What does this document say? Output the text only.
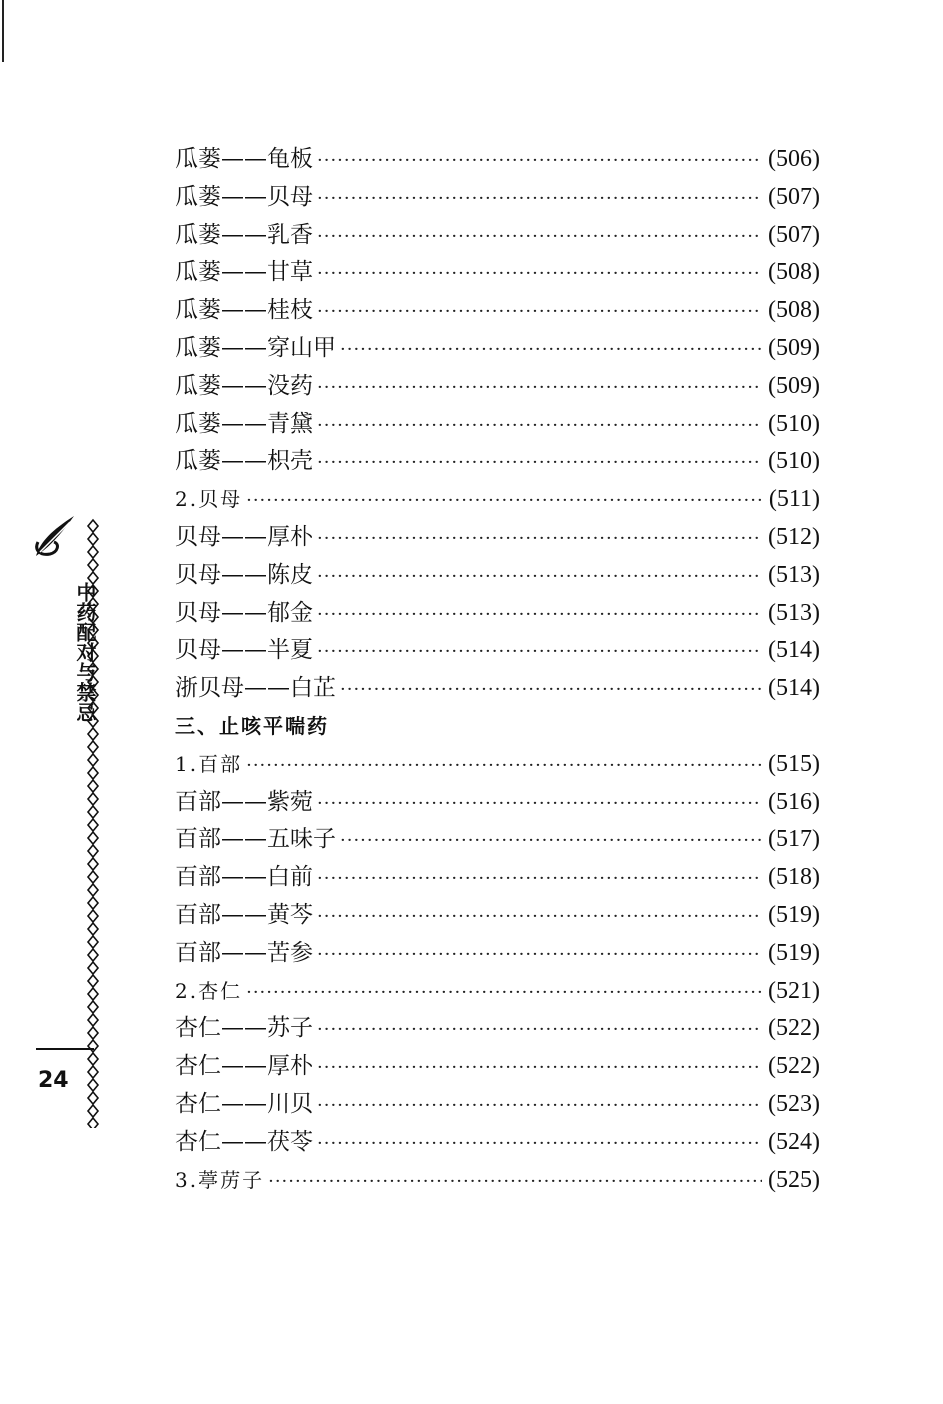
瓜蒌——龟板 ·····	(506)
瓜蒌——贝母 ·····	(507)
瓜蒌——乳香 ·····	(507)
瓜蒌——甘草 ·····	(508)
瓜蒌——桂枝 ·····	(508)
瓜蒌——穿山甲 ·····	(509)
瓜蒌——没药 ·····	(509)
瓜蒌——青黛 ·····	(510)
瓜蒌——枳壳 ·····	(510)
2.贝母 ·····	(511)
贝母——厚朴 ·····	(512)
贝母——陈皮 ·····	(513)
贝母——郁金 ·····	(513)
贝母——半夏 ·····	(514)
浙贝母——白芷 ·····	(514)
三、止咳平喘药
1.百部 ·····	(515)
百部——紫菀 ·····	(516)
百部——五味子 ·····	(517)
百部——白前 ·····	(518)
百部——黄芩 ·····	(519)
百部——苦参 ·····	(519)
2.杏仁 ·····	(521)
杏仁——苏子 ·····	(522)
杏仁——厚朴 ·····	(522)
杏仁——川贝 ·····	(523)
杏仁——茯苓 ·····	(524)
3.葶苈子 ·····	(525)
中药配对与禁忌
24
